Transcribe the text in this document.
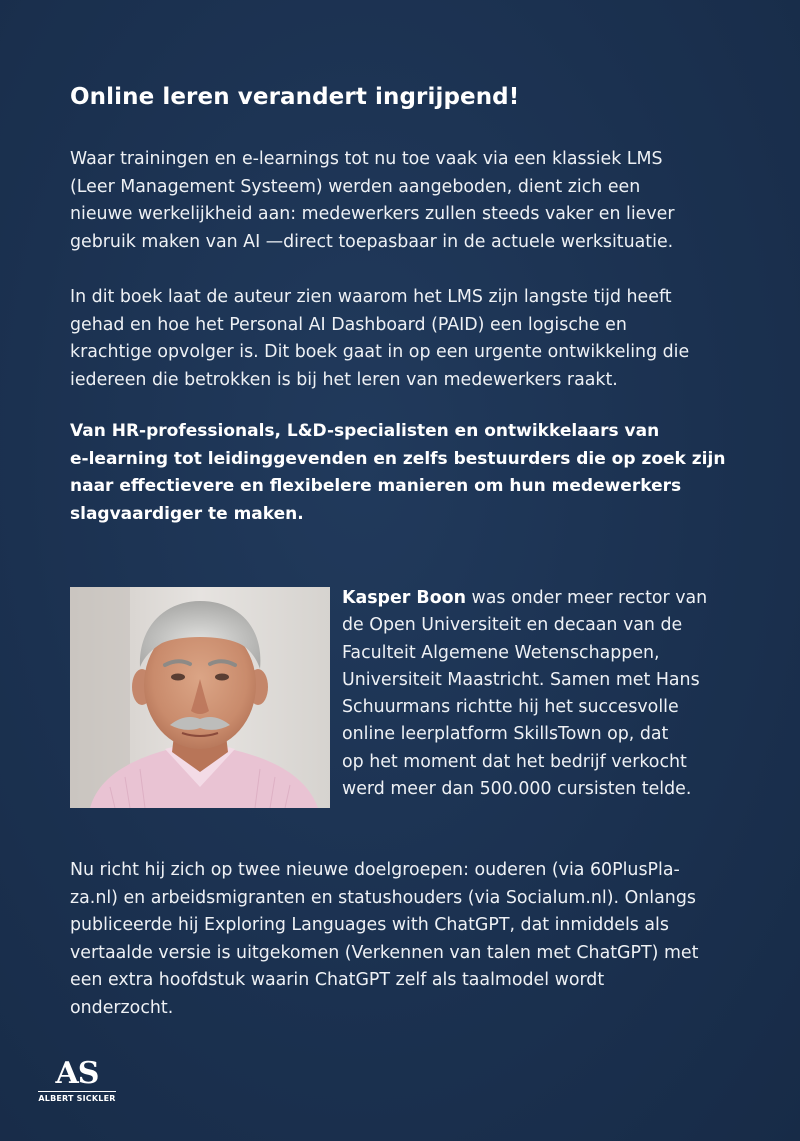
Online leren verandert ingrijpend!

Waar trainingen en e-learnings tot nu toe vaak via een klassiek LMS
(Leer Management Systeem) werden aangeboden, dient zich een
nieuwe werkelijkheid aan: medewerkers zullen steeds vaker en liever
gebruik maken van AI —direct toepasbaar in de actuele werksituatie.

In dit boek laat de auteur zien waarom het LMS zijn langste tijd heeft
gehad en hoe het Personal AI Dashboard (PAID) een logische en
krachtige opvolger is. Dit boek gaat in op een urgente ontwikkeling die
iedereen die betrokken is bij het leren van medewerkers raakt.

Van HR-professionals, L&D-specialisten en ontwikkelaars van
e-learning tot leidinggevenden en zelfs bestuurders die op zoek zijn
naar effectievere en flexibelere manieren om hun medewerkers
slagvaardiger te maken.

Kasper Boon was onder meer rector van
de Open Universiteit en decaan van de
Faculteit Algemene Wetenschappen,
Universiteit Maastricht. Samen met Hans
Schuurmans richtte hij het succesvolle
online leerplatform SkillsTown op, dat
op het moment dat het bedrijf verkocht
werd meer dan 500.000 cursisten telde.

Nu richt hij zich op twee nieuwe doelgroepen: ouderen (via 60PlusPla-
za.nl) en arbeidsmigranten en statushouders (via Socialum.nl). Onlangs
publiceerde hij Exploring Languages with ChatGPT, dat inmiddels als
vertaalde versie is uitgekomen (Verkennen van talen met ChatGPT) met
een extra hoofdstuk waarin ChatGPT zelf als taalmodel wordt
onderzocht.

AS
ALBERT SICKLER
